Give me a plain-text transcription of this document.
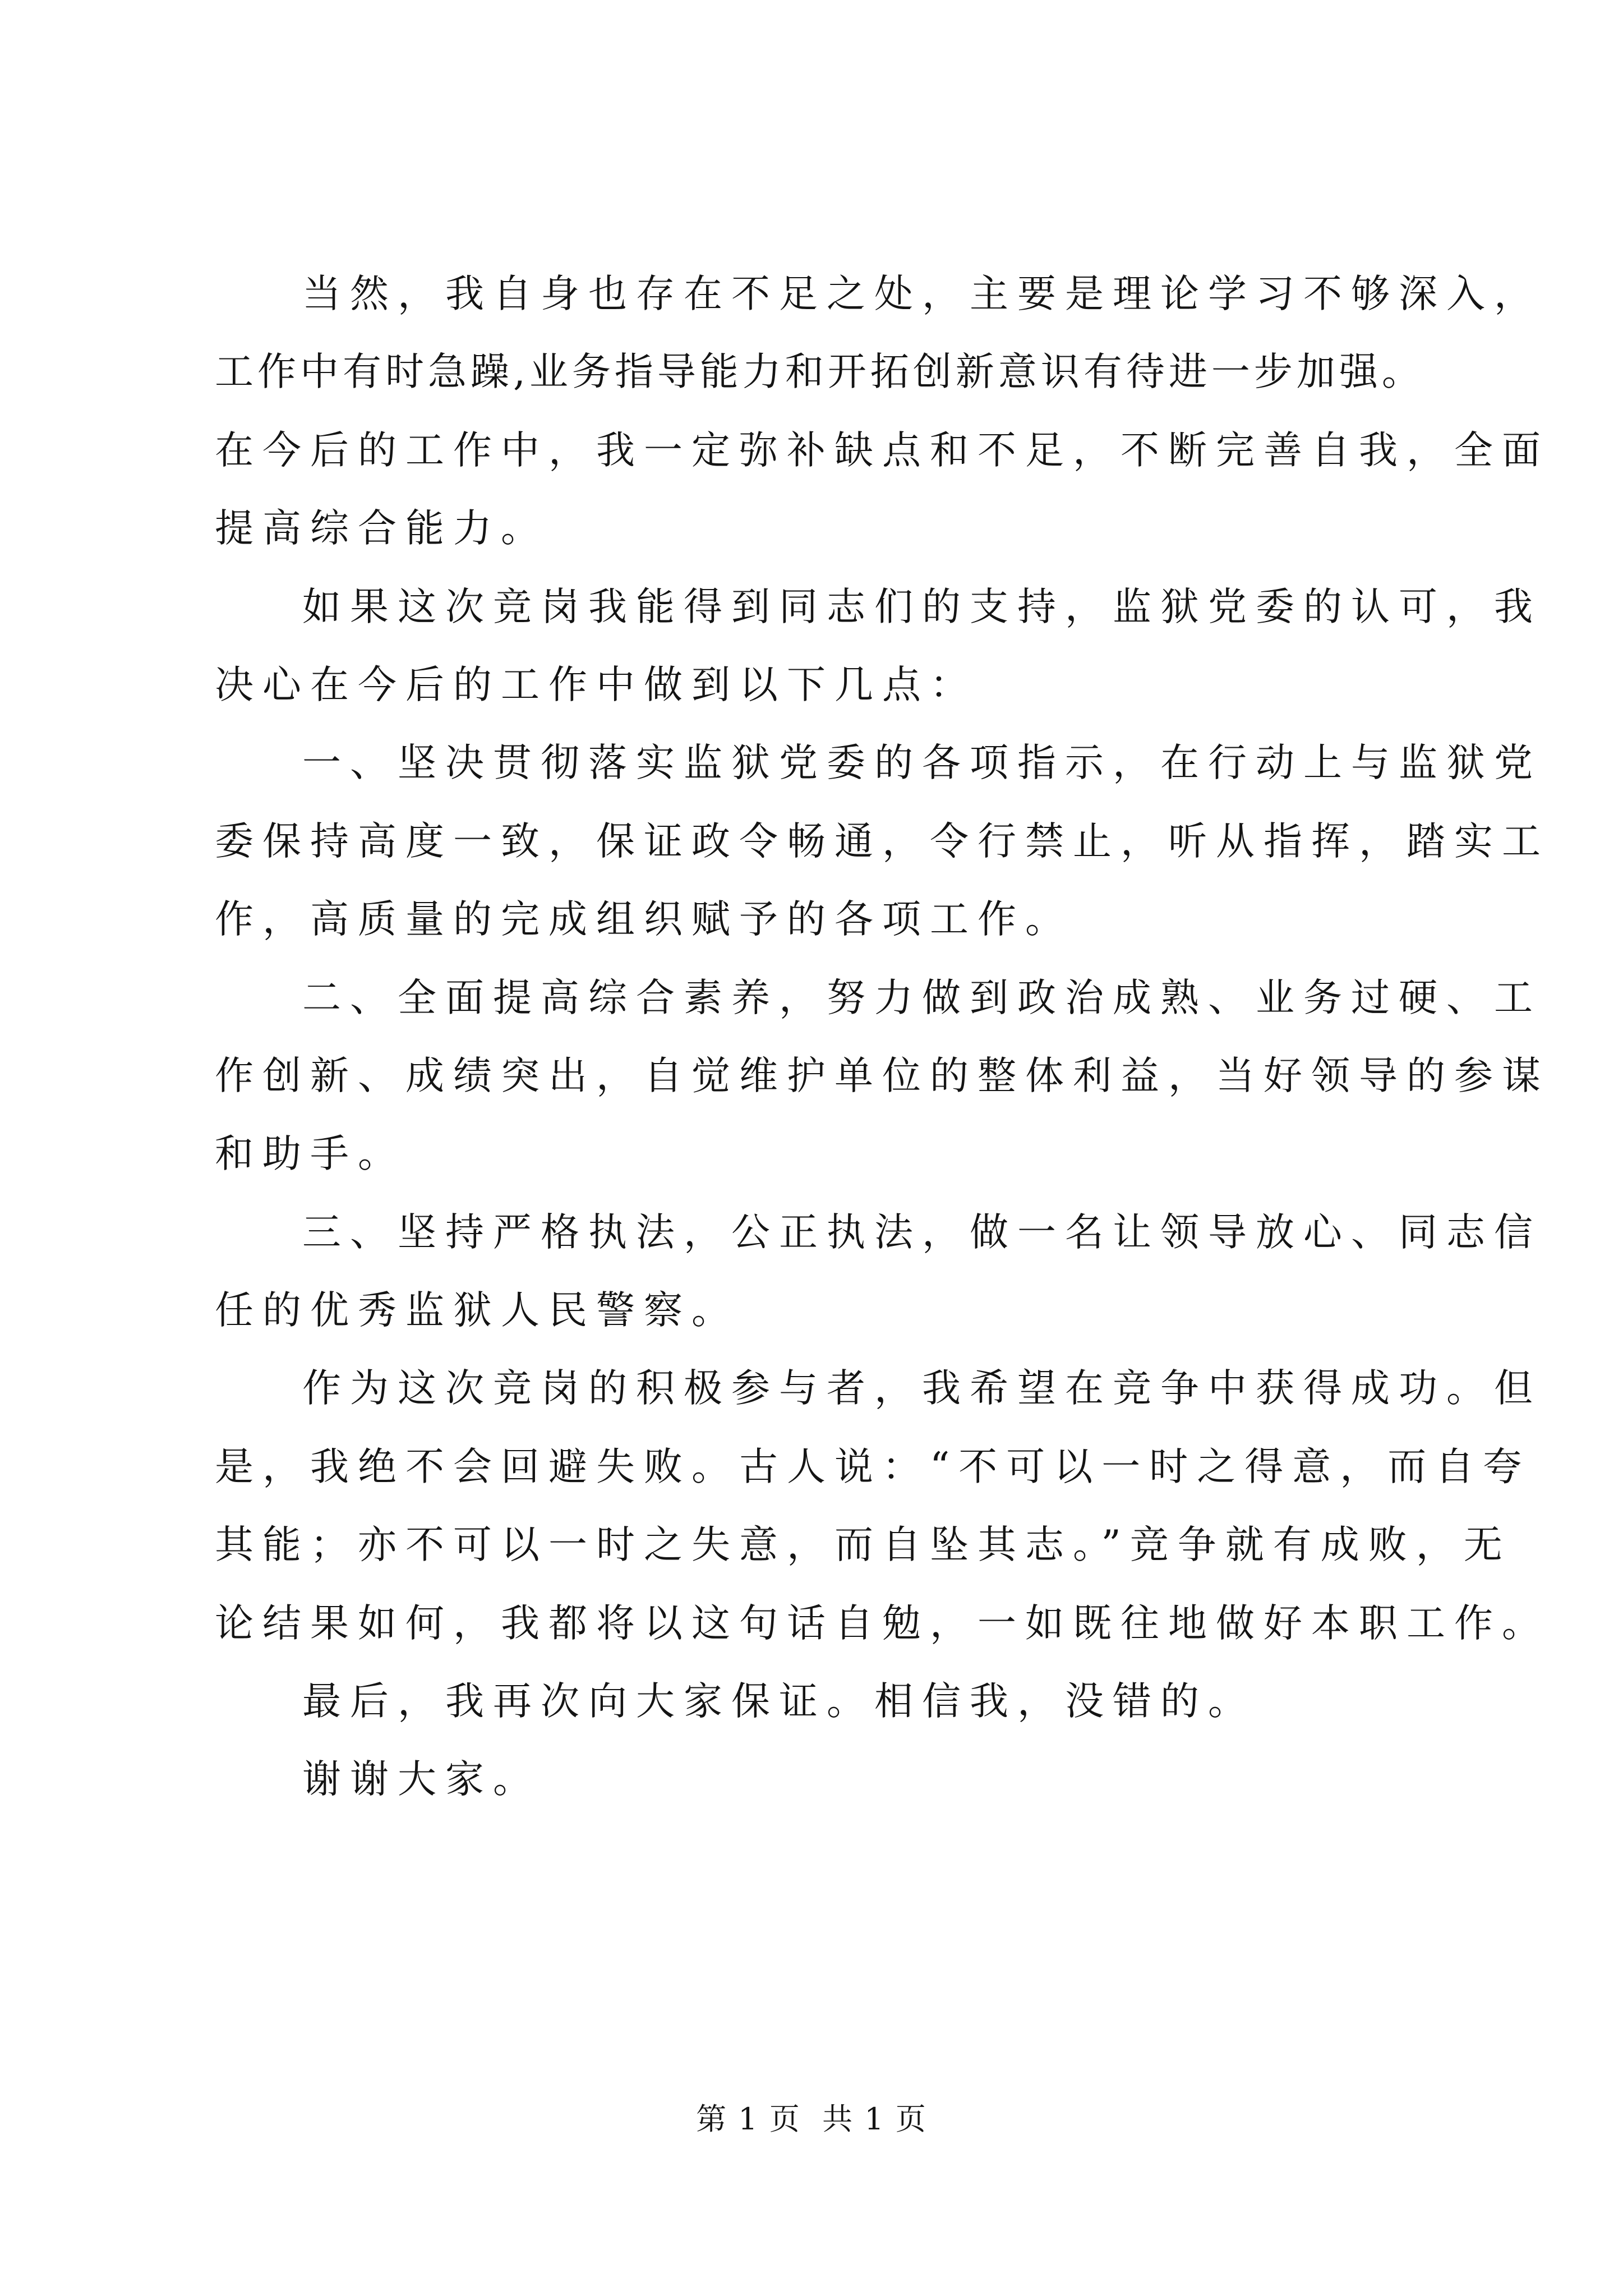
当然，我自身也存在不足之处，主要是理论学习不够深入，
工作中有时急躁,业务指导能力和开拓创新意识有待进一步加强。
在今后的工作中，我一定弥补缺点和不足，不断完善自我，全面
提高综合能力。
如果这次竞岗我能得到同志们的支持，监狱党委的认可，我
决心在今后的工作中做到以下几点：
一、坚决贯彻落实监狱党委的各项指示，在行动上与监狱党
委保持高度一致，保证政令畅通，令行禁止，听从指挥，踏实工
作，高质量的完成组织赋予的各项工作。
二、全面提高综合素养，努力做到政治成熟、业务过硬、工
作创新、成绩突出，自觉维护单位的整体利益，当好领导的参谋
和助手。
三、坚持严格执法，公正执法，做一名让领导放心、同志信
任的优秀监狱人民警察。
作为这次竞岗的积极参与者，我希望在竞争中获得成功。但
是，我绝不会回避失败。古人说：“不可以一时之得意，而自夸
其能；亦不可以一时之失意，而自坠其志。”竞争就有成败，无
论结果如何，我都将以这句话自勉，一如既往地做好本职工作。
最后，我再次向大家保证。相信我，没错的。
谢谢大家。
第 1 页  共 1 页
